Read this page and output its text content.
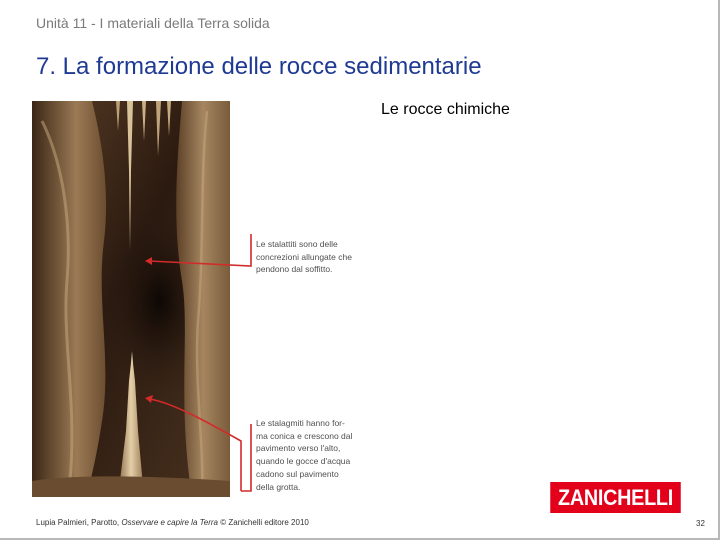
Unità 11 - I materiali della Terra solida
7. La formazione delle rocce sedimentarie
Le rocce chimiche
Le stalattiti sono delle
concrezioni allungate che
pendono dal soffitto.
Le stalagmiti hanno for-
ma conica e crescono dal
pavimento verso l'alto,
quando le gocce d'acqua
cadono sul pavimento
della grotta.
Lupia Palmieri, Parotto, Osservare e capire la Terra © Zanichelli editore 2010
ZANICHELLI
32
